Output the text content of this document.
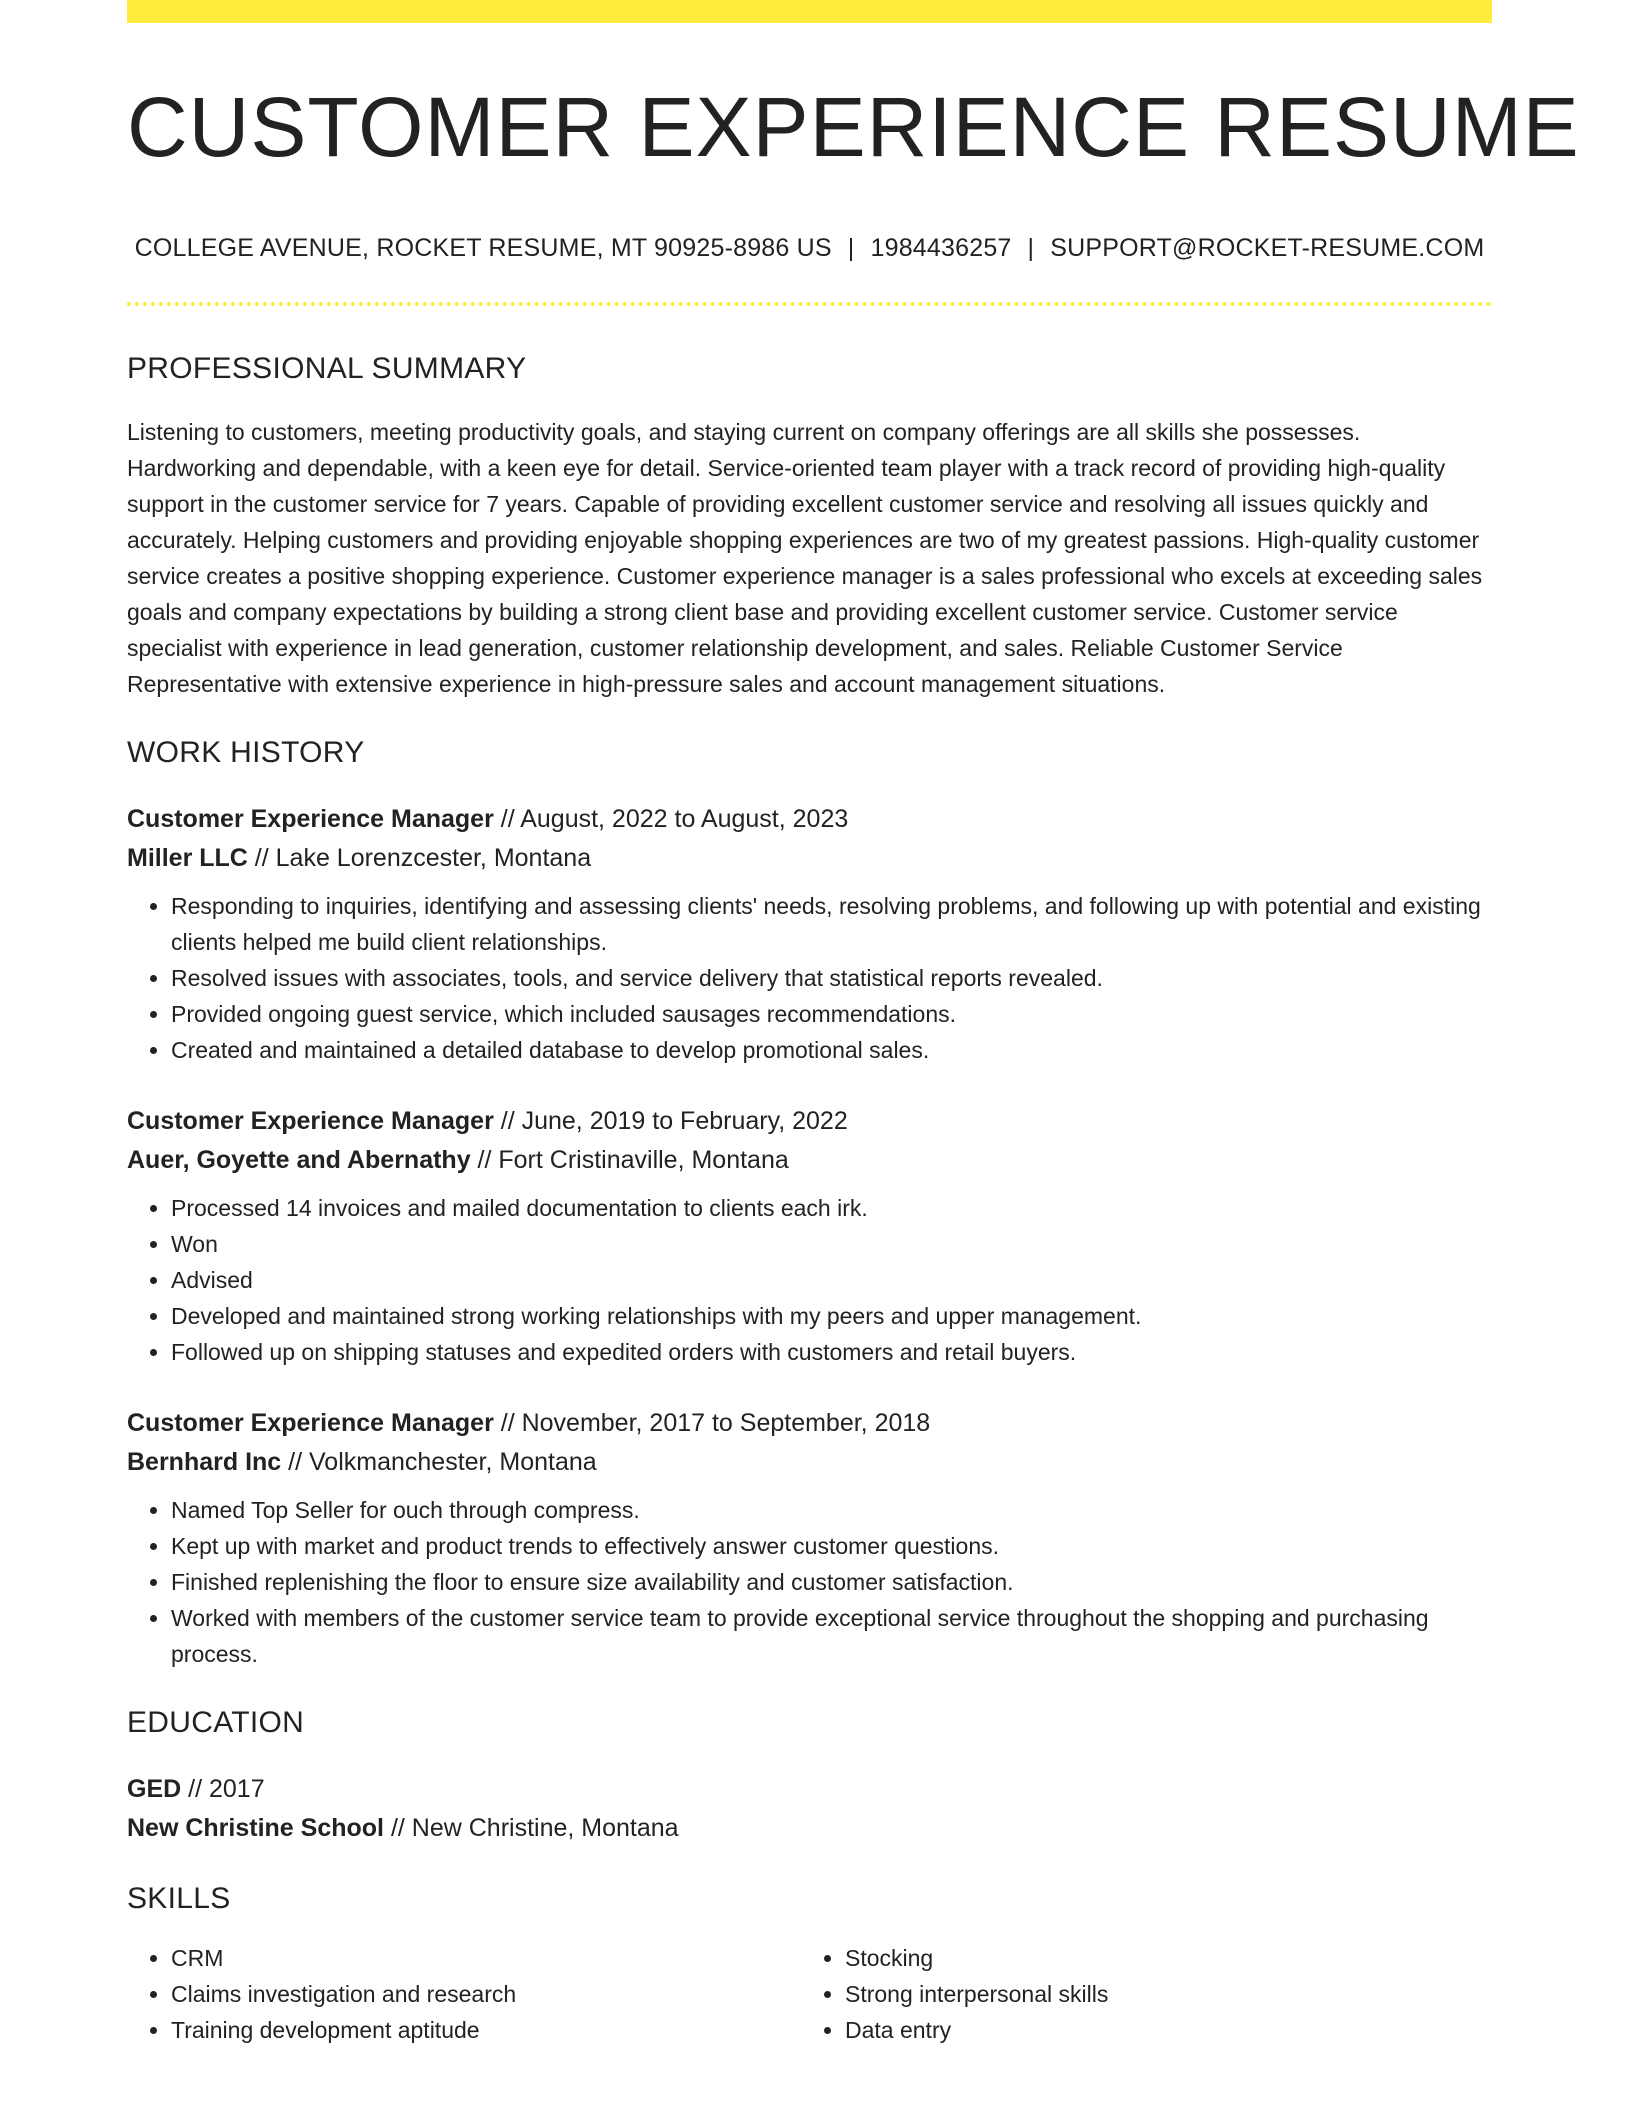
CUSTOMER EXPERIENCE RESUME
COLLEGE AVENUE, ROCKET RESUME, MT 90925-8986 US | 1984436257 | SUPPORT@ROCKET-RESUME.COM
PROFESSIONAL SUMMARY

Listening to customers, meeting productivity goals, and staying current on company offerings are all skills she possesses. Hardworking and dependable, with a keen eye for detail. Service-oriented team player with a track record of providing high-quality support in the customer service for 7 years. Capable of providing excellent customer service and resolving all issues quickly and accurately. Helping customers and providing enjoyable shopping experiences are two of my greatest passions. High-quality customer service creates a positive shopping experience. Customer experience manager is a sales professional who excels at exceeding sales goals and company expectations by building a strong client base and providing excellent customer service. Customer service specialist with experience in lead generation, customer relationship development, and sales. Reliable Customer Service Representative with extensive experience in high-pressure sales and account management situations.

WORK HISTORY
Customer Experience Manager // August, 2022 to August, 2023
Miller LLC // Lake Lorenzcester, Montana
• Responding to inquiries, identifying and assessing clients' needs, resolving problems, and following up with potential and existing clients helped me build client relationships.
• Resolved issues with associates, tools, and service delivery that statistical reports revealed.
• Provided ongoing guest service, which included sausages recommendations.
• Created and maintained a detailed database to develop promotional sales.
Customer Experience Manager // June, 2019 to February, 2022
Auer, Goyette and Abernathy // Fort Cristinaville, Montana
• Processed 14 invoices and mailed documentation to clients each irk.
• Won
• Advised
• Developed and maintained strong working relationships with my peers and upper management.
• Followed up on shipping statuses and expedited orders with customers and retail buyers.
Customer Experience Manager // November, 2017 to September, 2018
Bernhard Inc // Volkmanchester, Montana
• Named Top Seller for ouch through compress.
• Kept up with market and product trends to effectively answer customer questions.
• Finished replenishing the floor to ensure size availability and customer satisfaction.
• Worked with members of the customer service team to provide exceptional service throughout the shopping and purchasing process.
EDUCATION
GED // 2017
New Christine School // New Christine, Montana
SKILLS
• CRM
• Claims investigation and research
• Training development aptitude
• Stocking
• Strong interpersonal skills
• Data entry
